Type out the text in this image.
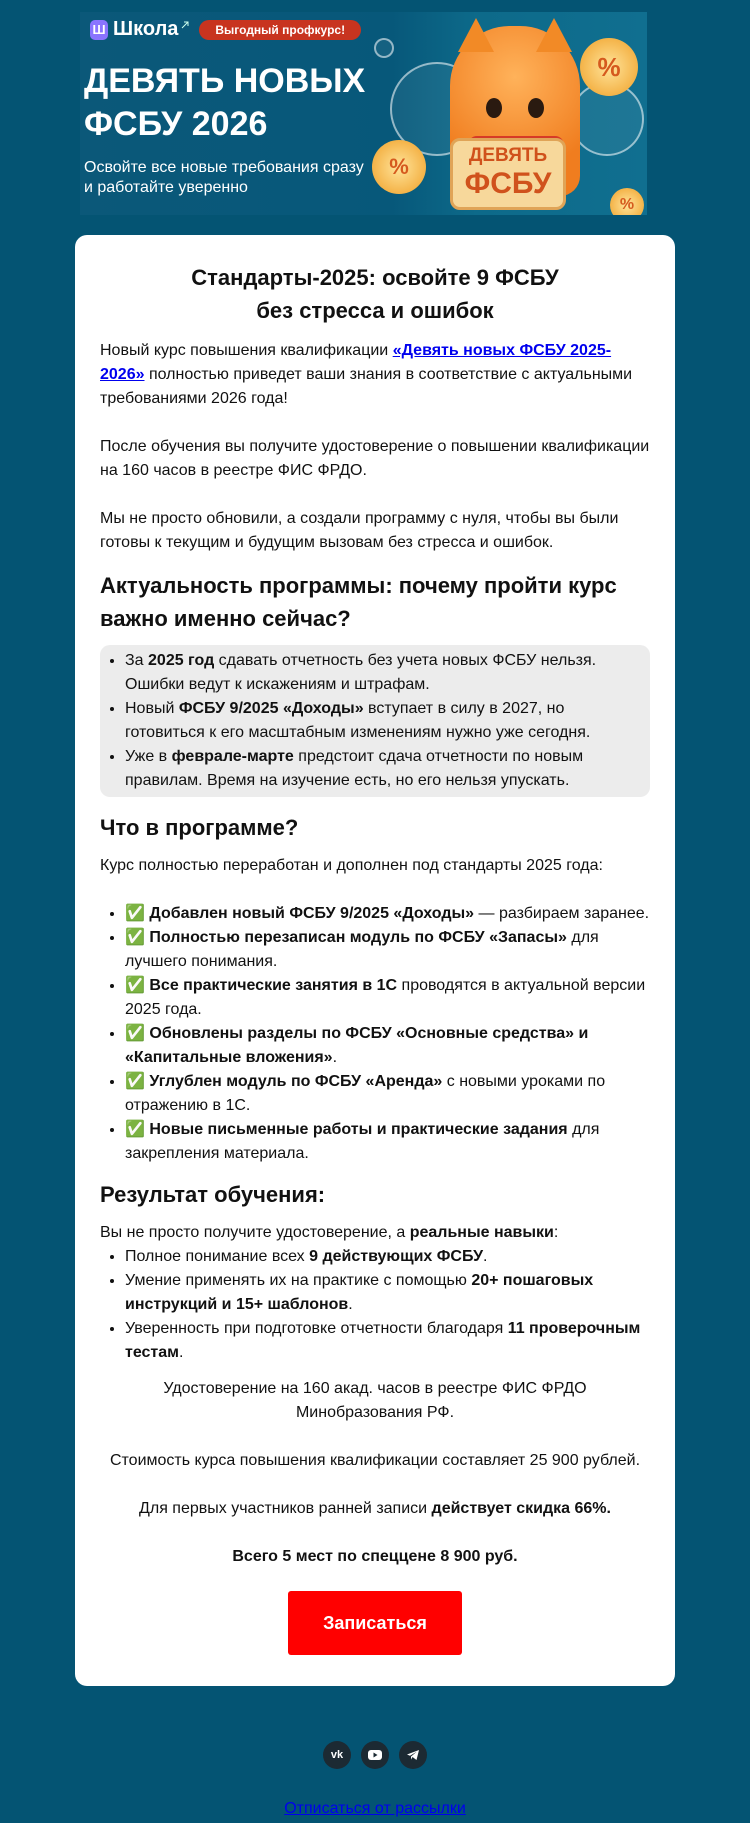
Ш Школа	Выгодный профкурс!
ДЕВЯТЬ НОВЫХ
ФСБУ 2026
Освойте все новые требования сразу и работайте уверенно
%
%
%
ДЕВЯТЬ
ФСБУ
Стандарты-2025: освойте 9 ФСБУ
без стресса и ошибок

Новый курс повышения квалификации «Девять новых ФСБУ 2025-2026» полностью приведет ваши знания в соответствие с актуальными требованиями 2026 года!

После обучения вы получите удостоверение о повышении квалификации на 160 часов в реестре ФИС ФРДО.

Мы не просто обновили, а создали программу с нуля, чтобы вы были готовы к текущим и будущим вызовам без стресса и ошибок.

Актуальность программы: почему пройти курс важно именно сейчас?
• За 2025 год сдавать отчетность без учета новых ФСБУ нельзя. Ошибки ведут к искажениям и штрафам.
• Новый ФСБУ 9/2025 «Доходы» вступает в силу в 2027, но готовиться к его масштабным изменениям нужно уже сегодня.
• Уже в феврале-марте предстоит сдача отчетности по новым правилам. Время на изучение есть, но его нельзя упускать.
Что в программе?

Курс полностью переработан и дополнен под стандарты 2025 года:

• ✅ Добавлен новый ФСБУ 9/2025 «Доходы» — разбираем заранее.
• ✅ Полностью перезаписан модуль по ФСБУ «Запасы» для лучшего понимания.
• ✅ Все практические занятия в 1С проводятся в актуальной версии 2025 года.
• ✅ Обновлены разделы по ФСБУ «Основные средства» и «Капитальные вложения».
• ✅ Углублен модуль по ФСБУ «Аренда» с новыми уроками по отражению в 1С.
• ✅ Новые письменные работы и практические задания для закрепления материала.
Результат обучения:

Вы не просто получите удостоверение, а реальные навыки:

• Полное понимание всех 9 действующих ФСБУ.
• Умение применять их на практике с помощью 20+ пошаговых инструкций и 15+ шаблонов.
• Уверенность при подготовке отчетности благодаря 11 проверочным тестам.

Удостоверение на 160 акад. часов в реестре ФИС ФРДО Минобразования РФ.

Стоимость курса повышения квалификации составляет 25 900 рублей.

Для первых участников ранней записи действует скидка 66%.

Всего 5 мест по спеццене 8 900 руб.

Записаться
vk
Отписаться от рассылки
